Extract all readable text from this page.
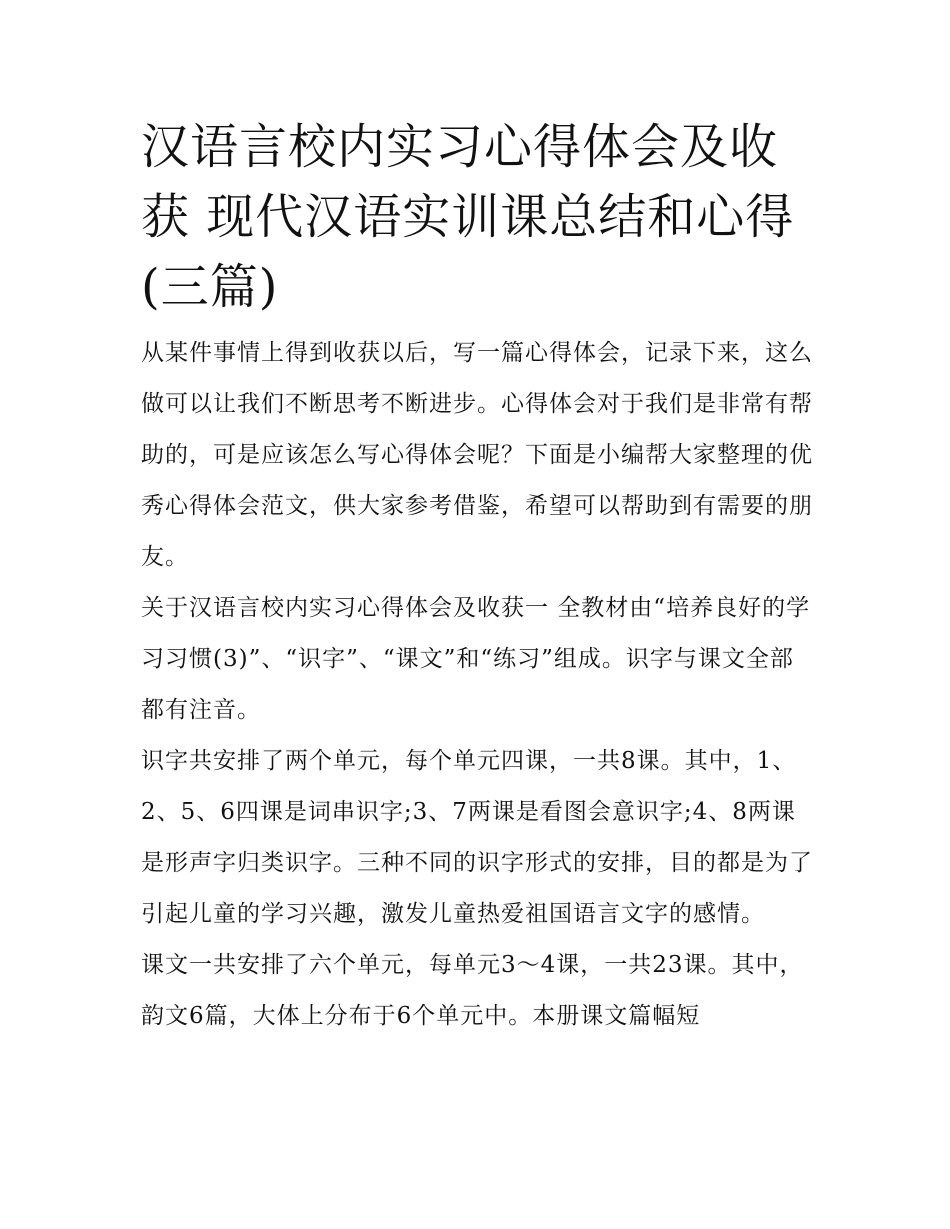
汉语言校内实习心得体会及收获 现代汉语实训课总结和心得(三篇)

从某件事情上得到收获以后，写一篇心得体会，记录下来，这么做可以让我们不断思考不断进步。心得体会对于我们是非常有帮助的，可是应该怎么写心得体会呢？下面是小编帮大家整理的优秀心得体会范文，供大家参考借鉴，希望可以帮助到有需要的朋友。

关于汉语言校内实习心得体会及收获一 全教材由“培养良好的学习习惯(3)”、“识字”、“课文”和“练习”组成。识字与课文全部都有注音。

识字共安排了两个单元，每个单元四课，一共8课。其中，1、2、5、6四课是词串识字;3、7两课是看图会意识字;4、8两课是形声字归类识字。三种不同的识字形式的安排，目的都是为了引起儿童的学习兴趣，激发儿童热爱祖国语言文字的感情。

课文一共安排了六个单元，每单元3～4课，一共23课。其中，韵文6篇，大体上分布于6个单元中。本册课文篇幅短
